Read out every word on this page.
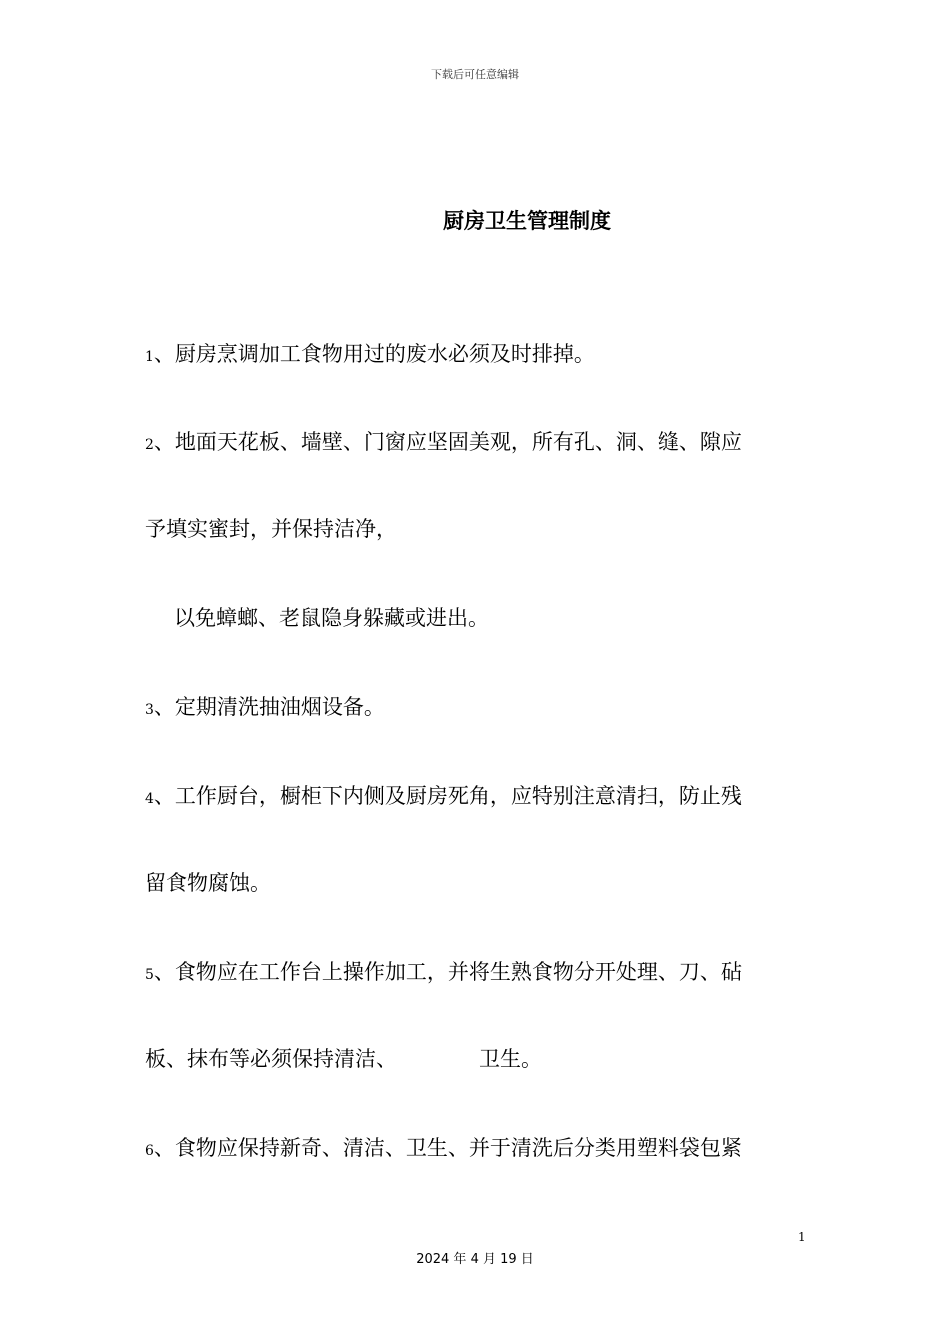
下载后可任意编辑
厨房卫生管理制度
1、厨房烹调加工食物用过的废水必须及时排掉。
2、地面天花板、墙壁、门窗应坚固美观，所有孔、洞、缝、隙应
予填实蜜封，并保持洁净，
以免蟑螂、老鼠隐身躲藏或进出。
3、定期清洗抽油烟设备。
4、工作厨台，橱柜下内侧及厨房死角，应特别注意清扫，防止残
留食物腐蚀。
5、食物应在工作台上操作加工，并将生熟食物分开处理、刀、砧
板、抹布等必须保持清洁、	卫生。
6、食物应保持新奇、清洁、卫生、并于清洗后分类用塑料袋包紧
1
2024 年 4 月 19 日
